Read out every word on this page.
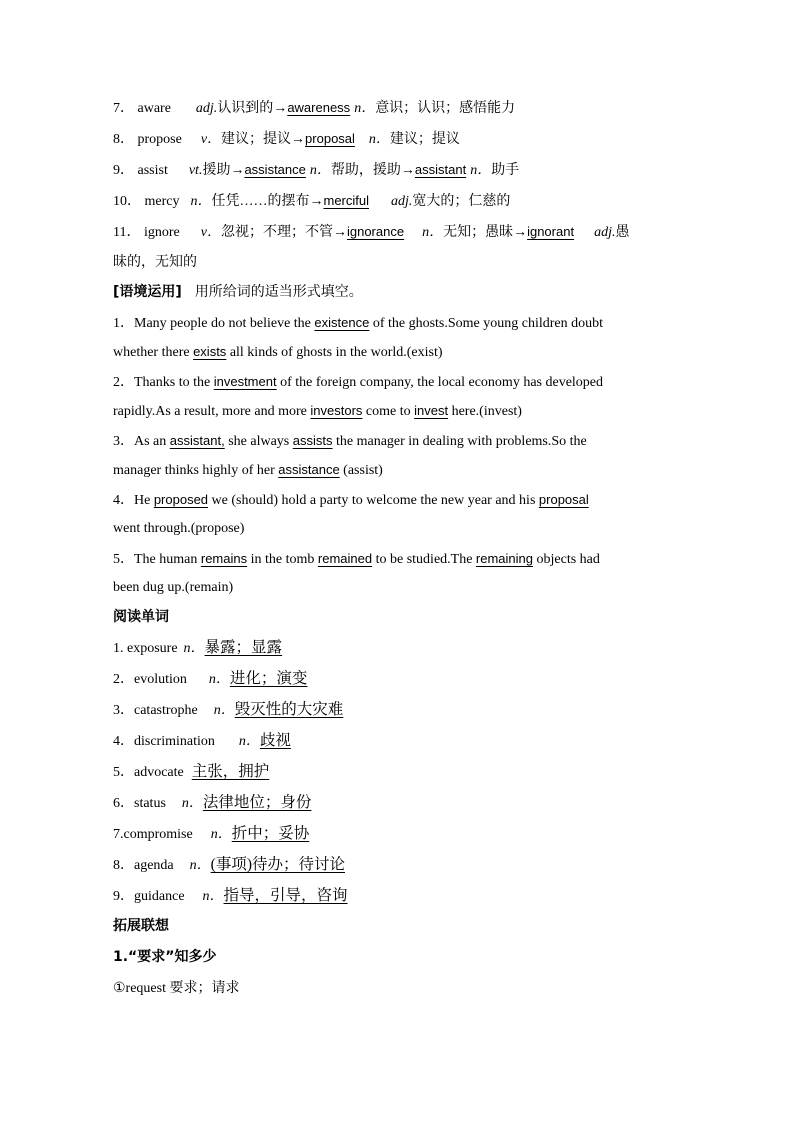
7． aware adj.认识到的→awareness n．意识；认识；感悟能力
8． propose v．建议；提议→proposal n．建议；提议
9． assist vt.援助→assistance n．帮助，援助→assistant n．助手
10． mercy n．任凭……的摆布→merciful adj.宽大的；仁慈的
11． ignore v．忽视；不理；不管→ignorance n．无知；愚昧→ignorant adj.愚
昧的，无知的
[语境运用] 用所给词的适当形式填空。
1．Many people do not believe the existence of the ghosts.Some young children doubt
whether there exists all kinds of ghosts in the world.(exist)
2．Thanks to the investment of the foreign company, the local economy has developed
rapidly.As a result, more and more investors come to invest here.(invest)
3．As an assistant, she always assists the manager in dealing with problems.So the
manager thinks highly of her assistance (assist)
4．He proposed we (should) hold a party to welcome the new year and his proposal
went through.(propose)
5．The human remains in the tomb remained to be studied.The remaining objects had
been dug up.(remain)
阅读单词
1. exposure n．暴露；显露
2．evolution n．进化；演变
3．catastrophe n．毁灭性的大灾难
4．discrimination n．歧视
5．advocate 主张，拥护
6．status n．法律地位；身份
7.compromise n．折中；妥协
8．agenda n．(事项)待办；待讨论
9．guidance n．指导，引导，咨询
拓展联想
1.“要求”知多少
①request 要求；请求
